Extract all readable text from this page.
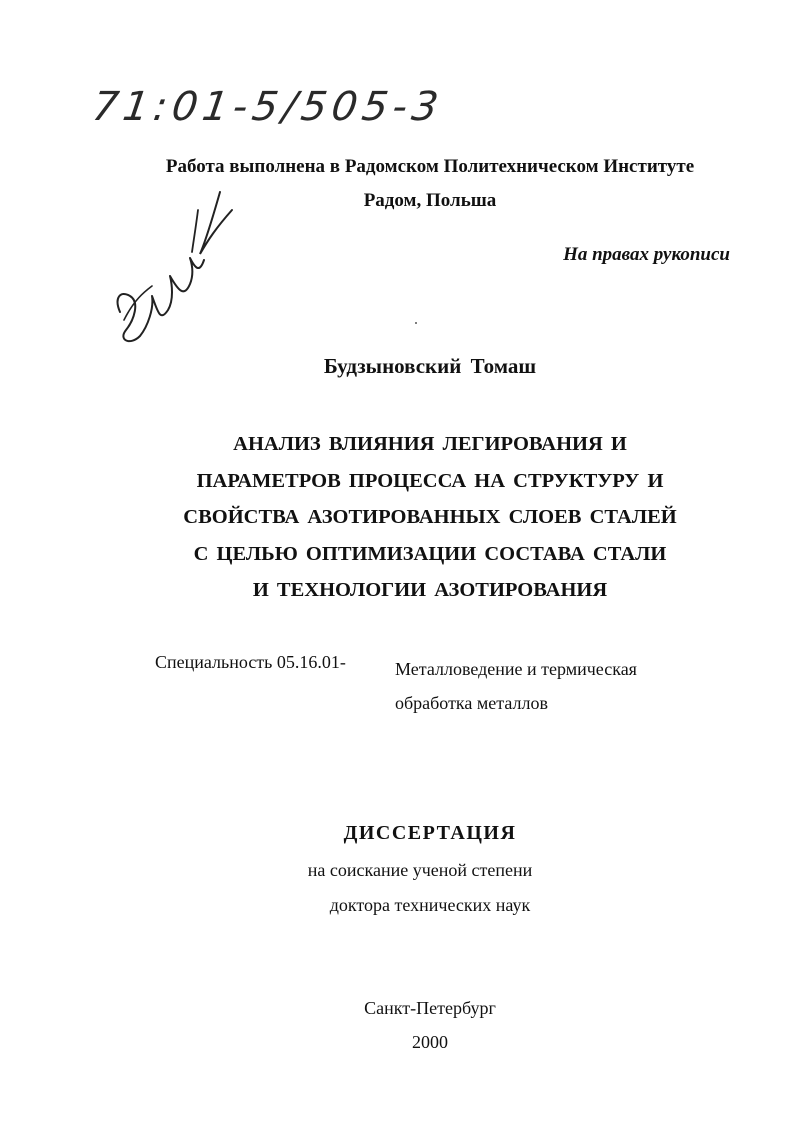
71:01-5/505-3
Работа выполнена в Радомском Политехническом Институте
Радом, Польша
На правах рукописи
Будзыновский Томаш
АНАЛИЗ ВЛИЯНИЯ ЛЕГИРОВАНИЯ И
ПАРАМЕТРОВ ПРОЦЕССА НА СТРУКТУРУ И
СВОЙСТВА АЗОТИРОВАННЫХ СЛОЕВ СТАЛЕЙ
С ЦЕЛЬЮ ОПТИМИЗАЦИИ СОСТАВА СТАЛИ
И ТЕХНОЛОГИИ АЗОТИРОВАНИЯ
Специальность 05.16.01-	Металловедение и термическая
обработка металлов
ДИССЕРТАЦИЯ
на соискание ученой степени
доктора технических наук
Санкт-Петербург
2000
